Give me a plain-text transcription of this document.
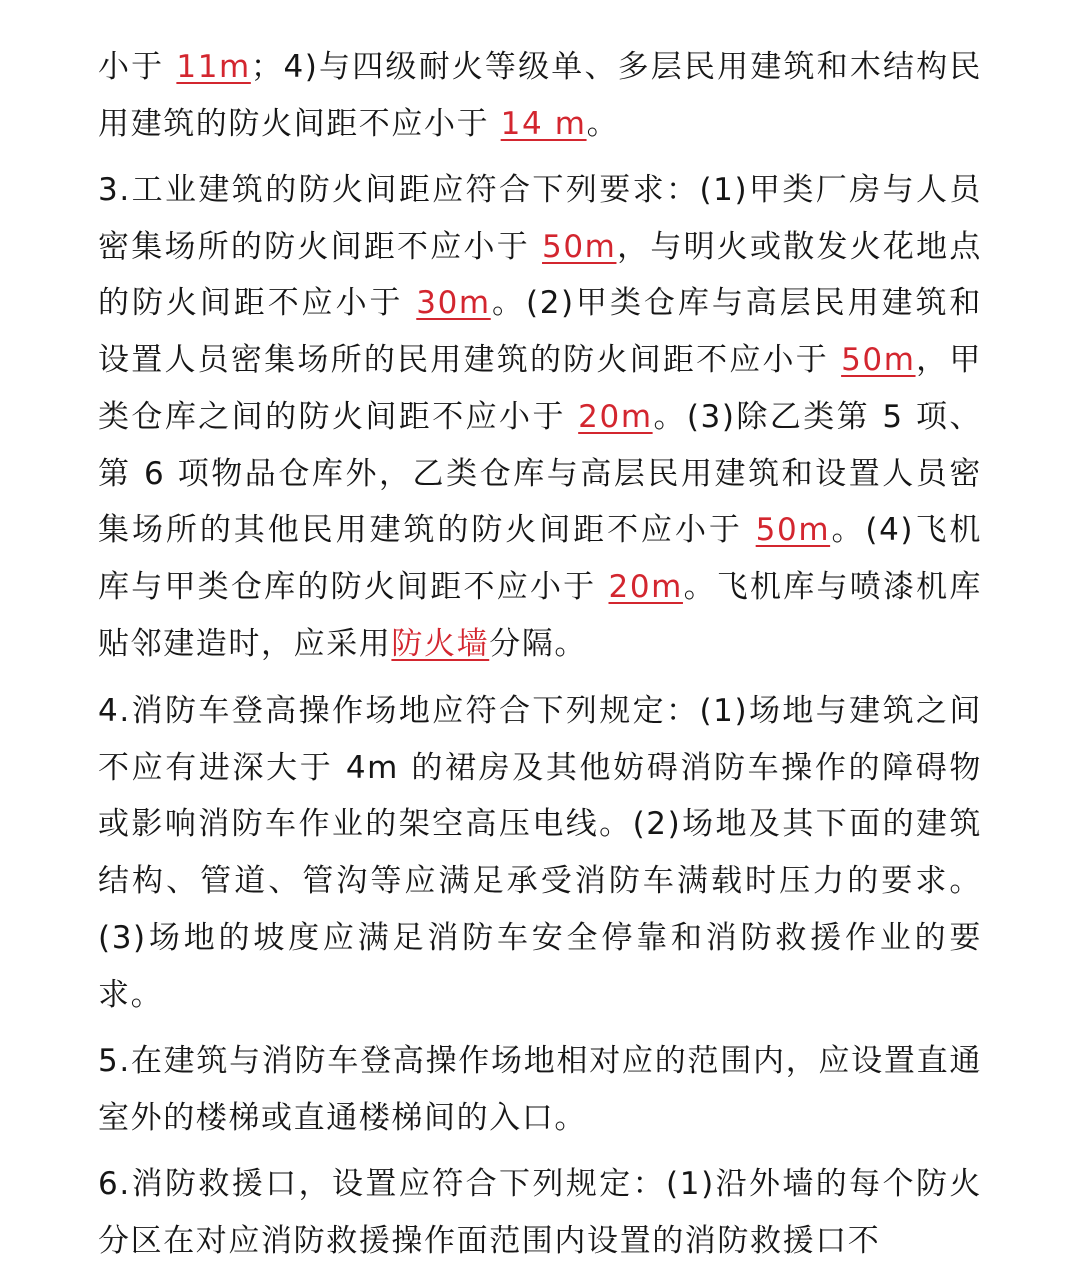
小于 11m；4)与四级耐火等级单、多层民用建筑和木结构民用建筑的防火间距不应小于 14 m。

3.工业建筑的防火间距应符合下列要求：(1)甲类厂房与人员密集场所的防火间距不应小于 50m，与明火或散发火花地点的防火间距不应小于 30m。(2)甲类仓库与高层民用建筑和设置人员密集场所的民用建筑的防火间距不应小于 50m，甲类仓库之间的防火间距不应小于 20m。(3)除乙类第 5 项、第 6 项物品仓库外，乙类仓库与高层民用建筑和设置人员密集场所的其他民用建筑的防火间距不应小于 50m。(4)飞机库与甲类仓库的防火间距不应小于 20m。飞机库与喷漆机库贴邻建造时，应采用防火墙分隔。

4.消防车登高操作场地应符合下列规定：(1)场地与建筑之间不应有进深大于 4m 的裙房及其他妨碍消防车操作的障碍物或影响消防车作业的架空高压电线。(2)场地及其下面的建筑结构、管道、管沟等应满足承受消防车满载时压力的要求。(3)场地的坡度应满足消防车安全停靠和消防救援作业的要求。

5.在建筑与消防车登高操作场地相对应的范围内，应设置直通室外的楼梯或直通楼梯间的入口。

6.消防救援口，设置应符合下列规定：(1)沿外墙的每个防火分区在对应消防救援操作面范围内设置的消防救援口不
